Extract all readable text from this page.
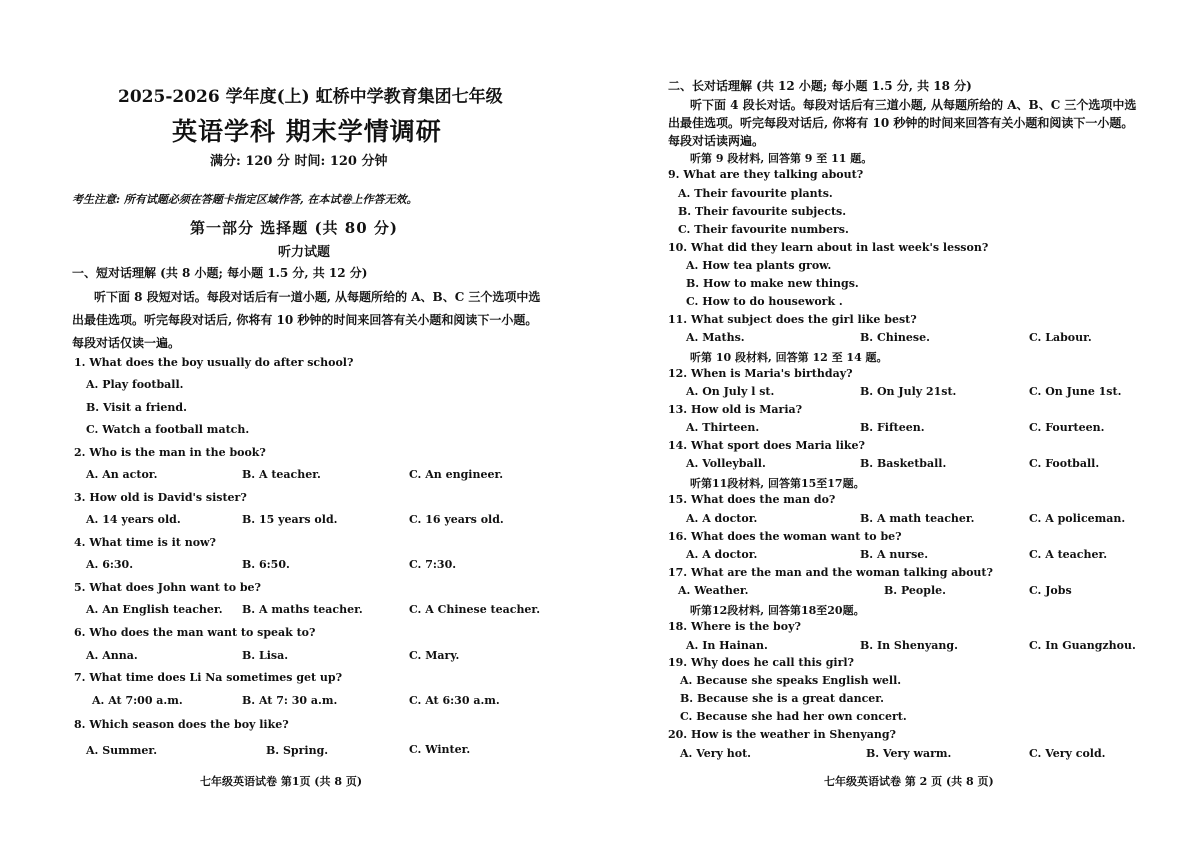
2025-2026 学年度(上) 虹桥中学教育集团七年级
英语学科 期末学情调研
满分: 120 分 时间: 120 分钟
考生注意: 所有试题必须在答题卡指定区域作答, 在本试卷上作答无效。
第一部分 选择题 (共 80 分)
听力试题
一、短对话理解 (共 8 小题; 每小题 1.5 分, 共 12 分)
听下面 8 段短对话。每段对话后有一道小题, 从每题所给的 A、B、C 三个选项中选
出最佳选项。听完每段对话后, 你将有 10 秒钟的时间来回答有关小题和阅读下一小题。
每段对话仅读一遍。
1. What does the boy usually do after school?
A. Play football.
B. Visit a friend.
C. Watch a football match.
2. Who is the man in the book?
A. An actor.	B. A teacher.	C. An engineer.
3. How old is David's sister?
A. 14 years old.	B. 15 years old.	C. 16 years old.
4. What time is it now?
A. 6:30.	B. 6:50.	C. 7:30.
5. What does John want to be?
A. An English teacher. B. A maths teacher.	C. A Chinese teacher.
6. Who does the man want to speak to?
A. Anna.	B. Lisa.	C. Mary.
7. What time does Li Na sometimes get up?
A. At 7:00 a.m.	B. At 7: 30 a.m.	C. At 6:30 a.m.
8. Which season does the boy like?
A. Summer.	B. Spring.	C. Winter.
七年级英语试卷 第1页 (共 8 页)
二、长对话理解 (共 12 小题; 每小题 1.5 分, 共 18 分)
听下面 4 段长对话。每段对话后有三道小题, 从每题所给的 A、B、C 三个选项中选
出最佳选项。听完每段对话后, 你将有 10 秒钟的时间来回答有关小题和阅读下一小题。
每段对话读两遍。
听第 9 段材料, 回答第 9 至 11 题。
9. What are they talking about?
A. Their favourite plants.
B. Their favourite subjects.
C. Their favourite numbers.
10. What did they learn about in last week's lesson?
A. How tea plants grow.
B. How to make new things.
C. How to do housework .
11. What subject does the girl like best?
A. Maths.	B. Chinese.	C. Labour.
听第 10 段材料, 回答第 12 至 14 题。
12. When is Maria's birthday?
A. On July l st.	B. On July 21st.	C. On June 1st.
13. How old is Maria?
A. Thirteen.	B. Fifteen.	C. Fourteen.
14. What sport does Maria like?
A. Volleyball.	B. Basketball.	C. Football.
听第11段材料, 回答第15至17题。
15. What does the man do?
A. A doctor.	B. A math teacher.	C. A policeman.
16. What does the woman want to be?
A. A doctor.	B. A nurse.	C. A teacher.
17. What are the man and the woman talking about?
A. Weather.	B. People.	C. Jobs
听第12段材料, 回答第18至20题。
18. Where is the boy?
A. In Hainan.	B. In Shenyang.	C. In Guangzhou.
19. Why does he call this girl?
A. Because she speaks English well.
B. Because she is a great dancer.
C. Because she had her own concert.
20. How is the weather in Shenyang?
A. Very hot.	B. Very warm.	C. Very cold.
七年级英语试卷 第 2 页 (共 8 页)
